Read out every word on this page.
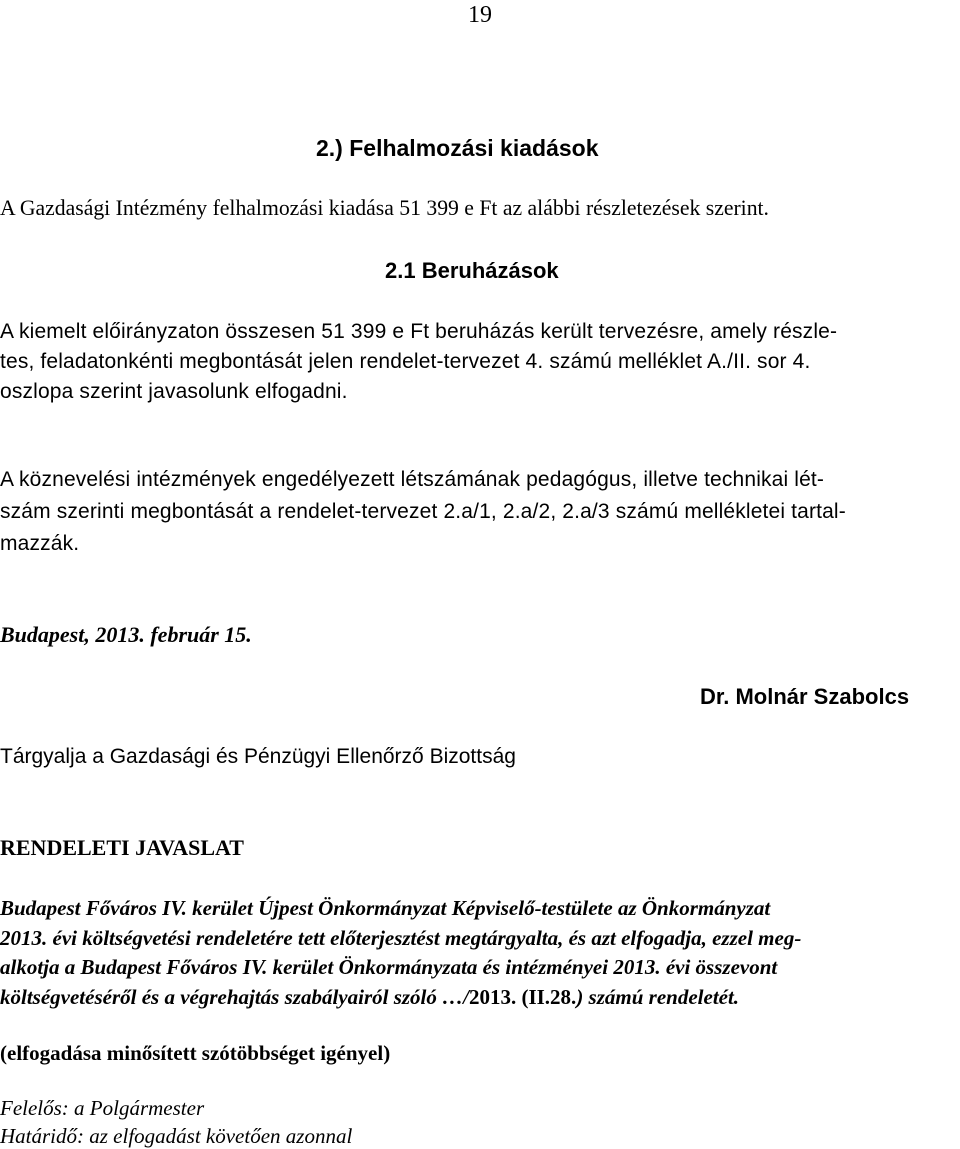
19
2.) Felhalmozási kiadások
A Gazdasági Intézmény felhalmozási kiadása 51 399 e Ft az alábbi részletezések szerint.
2.1 Beruházások
A kiemelt előirányzaton összesen 51 399 e Ft beruházás került tervezésre, amely részle-
tes, feladatonkénti megbontását jelen rendelet-tervezet 4. számú melléklet A./II. sor 4.
oszlopa szerint javasolunk elfogadni.
A köznevelési intézmények engedélyezett létszámának pedagógus, illetve technikai lét-
szám szerinti megbontását a rendelet-tervezet 2.a/1, 2.a/2, 2.a/3 számú mellékletei tartal-
mazzák.
Budapest, 2013. február 15.
Dr. Molnár Szabolcs
Tárgyalja a Gazdasági és Pénzügyi Ellenőrző Bizottság
RENDELETI JAVASLAT
Budapest Főváros IV. kerület Újpest Önkormányzat Képviselő-testülete az Önkormányzat
2013. évi költségvetési rendeletére tett előterjesztést megtárgyalta, és azt elfogadja, ezzel meg-
alkotja a Budapest Főváros IV. kerület Önkormányzata és intézményei 2013. évi összevont
költségvetéséről és a végrehajtás szabályairól szóló …/2013. (II.28.) számú rendeletét.
(elfogadása minősített szótöbbséget igényel)
Felelős: a Polgármester
Határidő: az elfogadást követően azonnal
